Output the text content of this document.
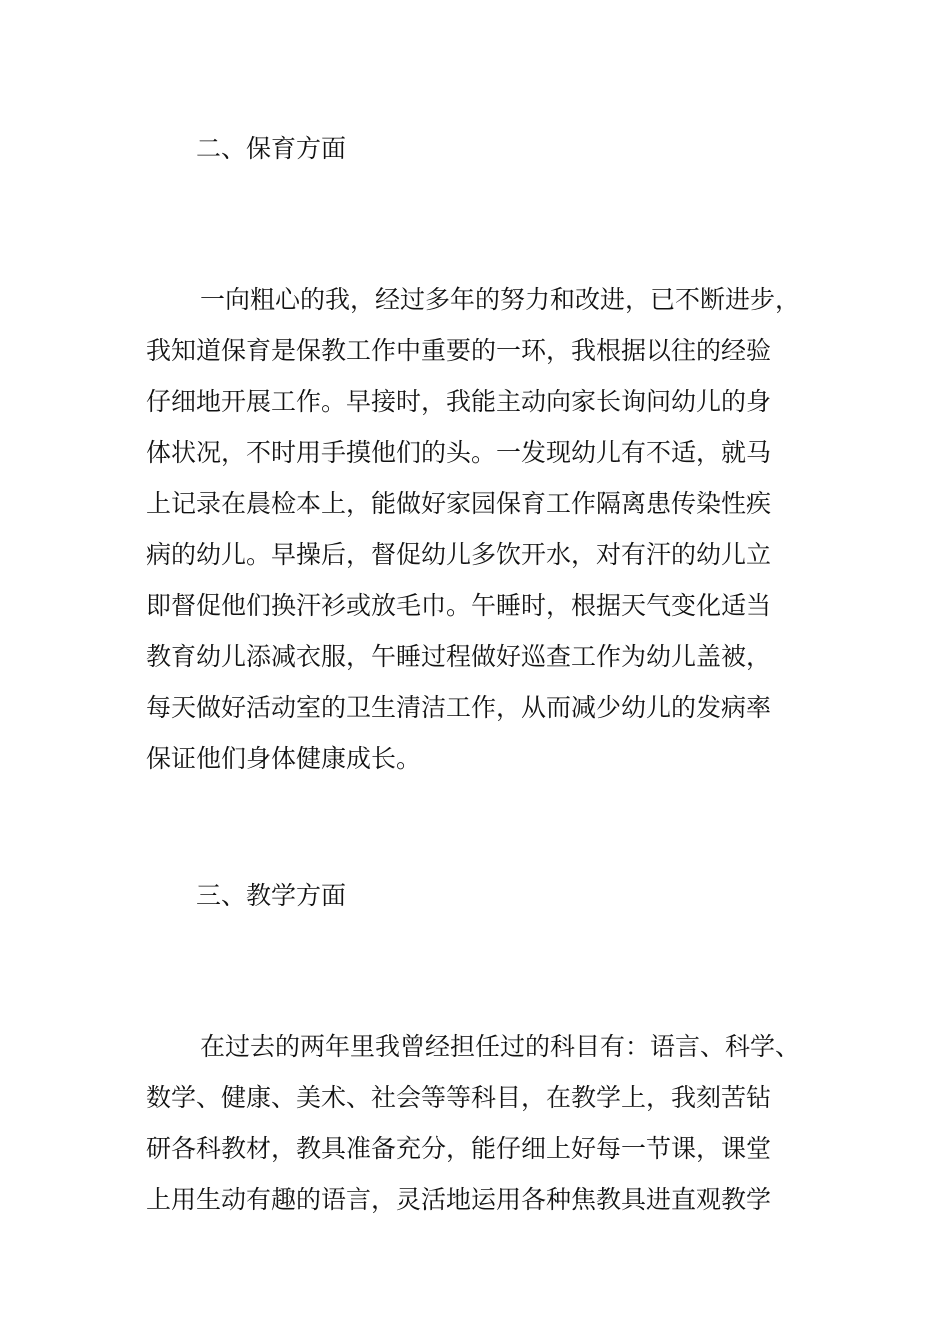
二、保育方面
一向粗心的我，经过多年的努力和改进，已不断进步，
我知道保育是保教工作中重要的一环，我根据以往的经验
仔细地开展工作。早接时，我能主动向家长询问幼儿的身
体状况，不时用手摸他们的头。一发现幼儿有不适，就马
上记录在晨检本上，能做好家园保育工作隔离患传染性疾
病的幼儿。早操后，督促幼儿多饮开水，对有汗的幼儿立
即督促他们换汗衫或放毛巾。午睡时，根据天气变化适当
教育幼儿添减衣服，午睡过程做好巡查工作为幼儿盖被，
每天做好活动室的卫生清洁工作，从而减少幼儿的发病率
保证他们身体健康成长。
三、教学方面
在过去的两年里我曾经担任过的科目有：语言、科学、
数学、健康、美术、社会等等科目，在教学上，我刻苦钻
研各科教材，教具准备充分，能仔细上好每一节课，课堂
上用生动有趣的语言，灵活地运用各种焦教具进直观教学
